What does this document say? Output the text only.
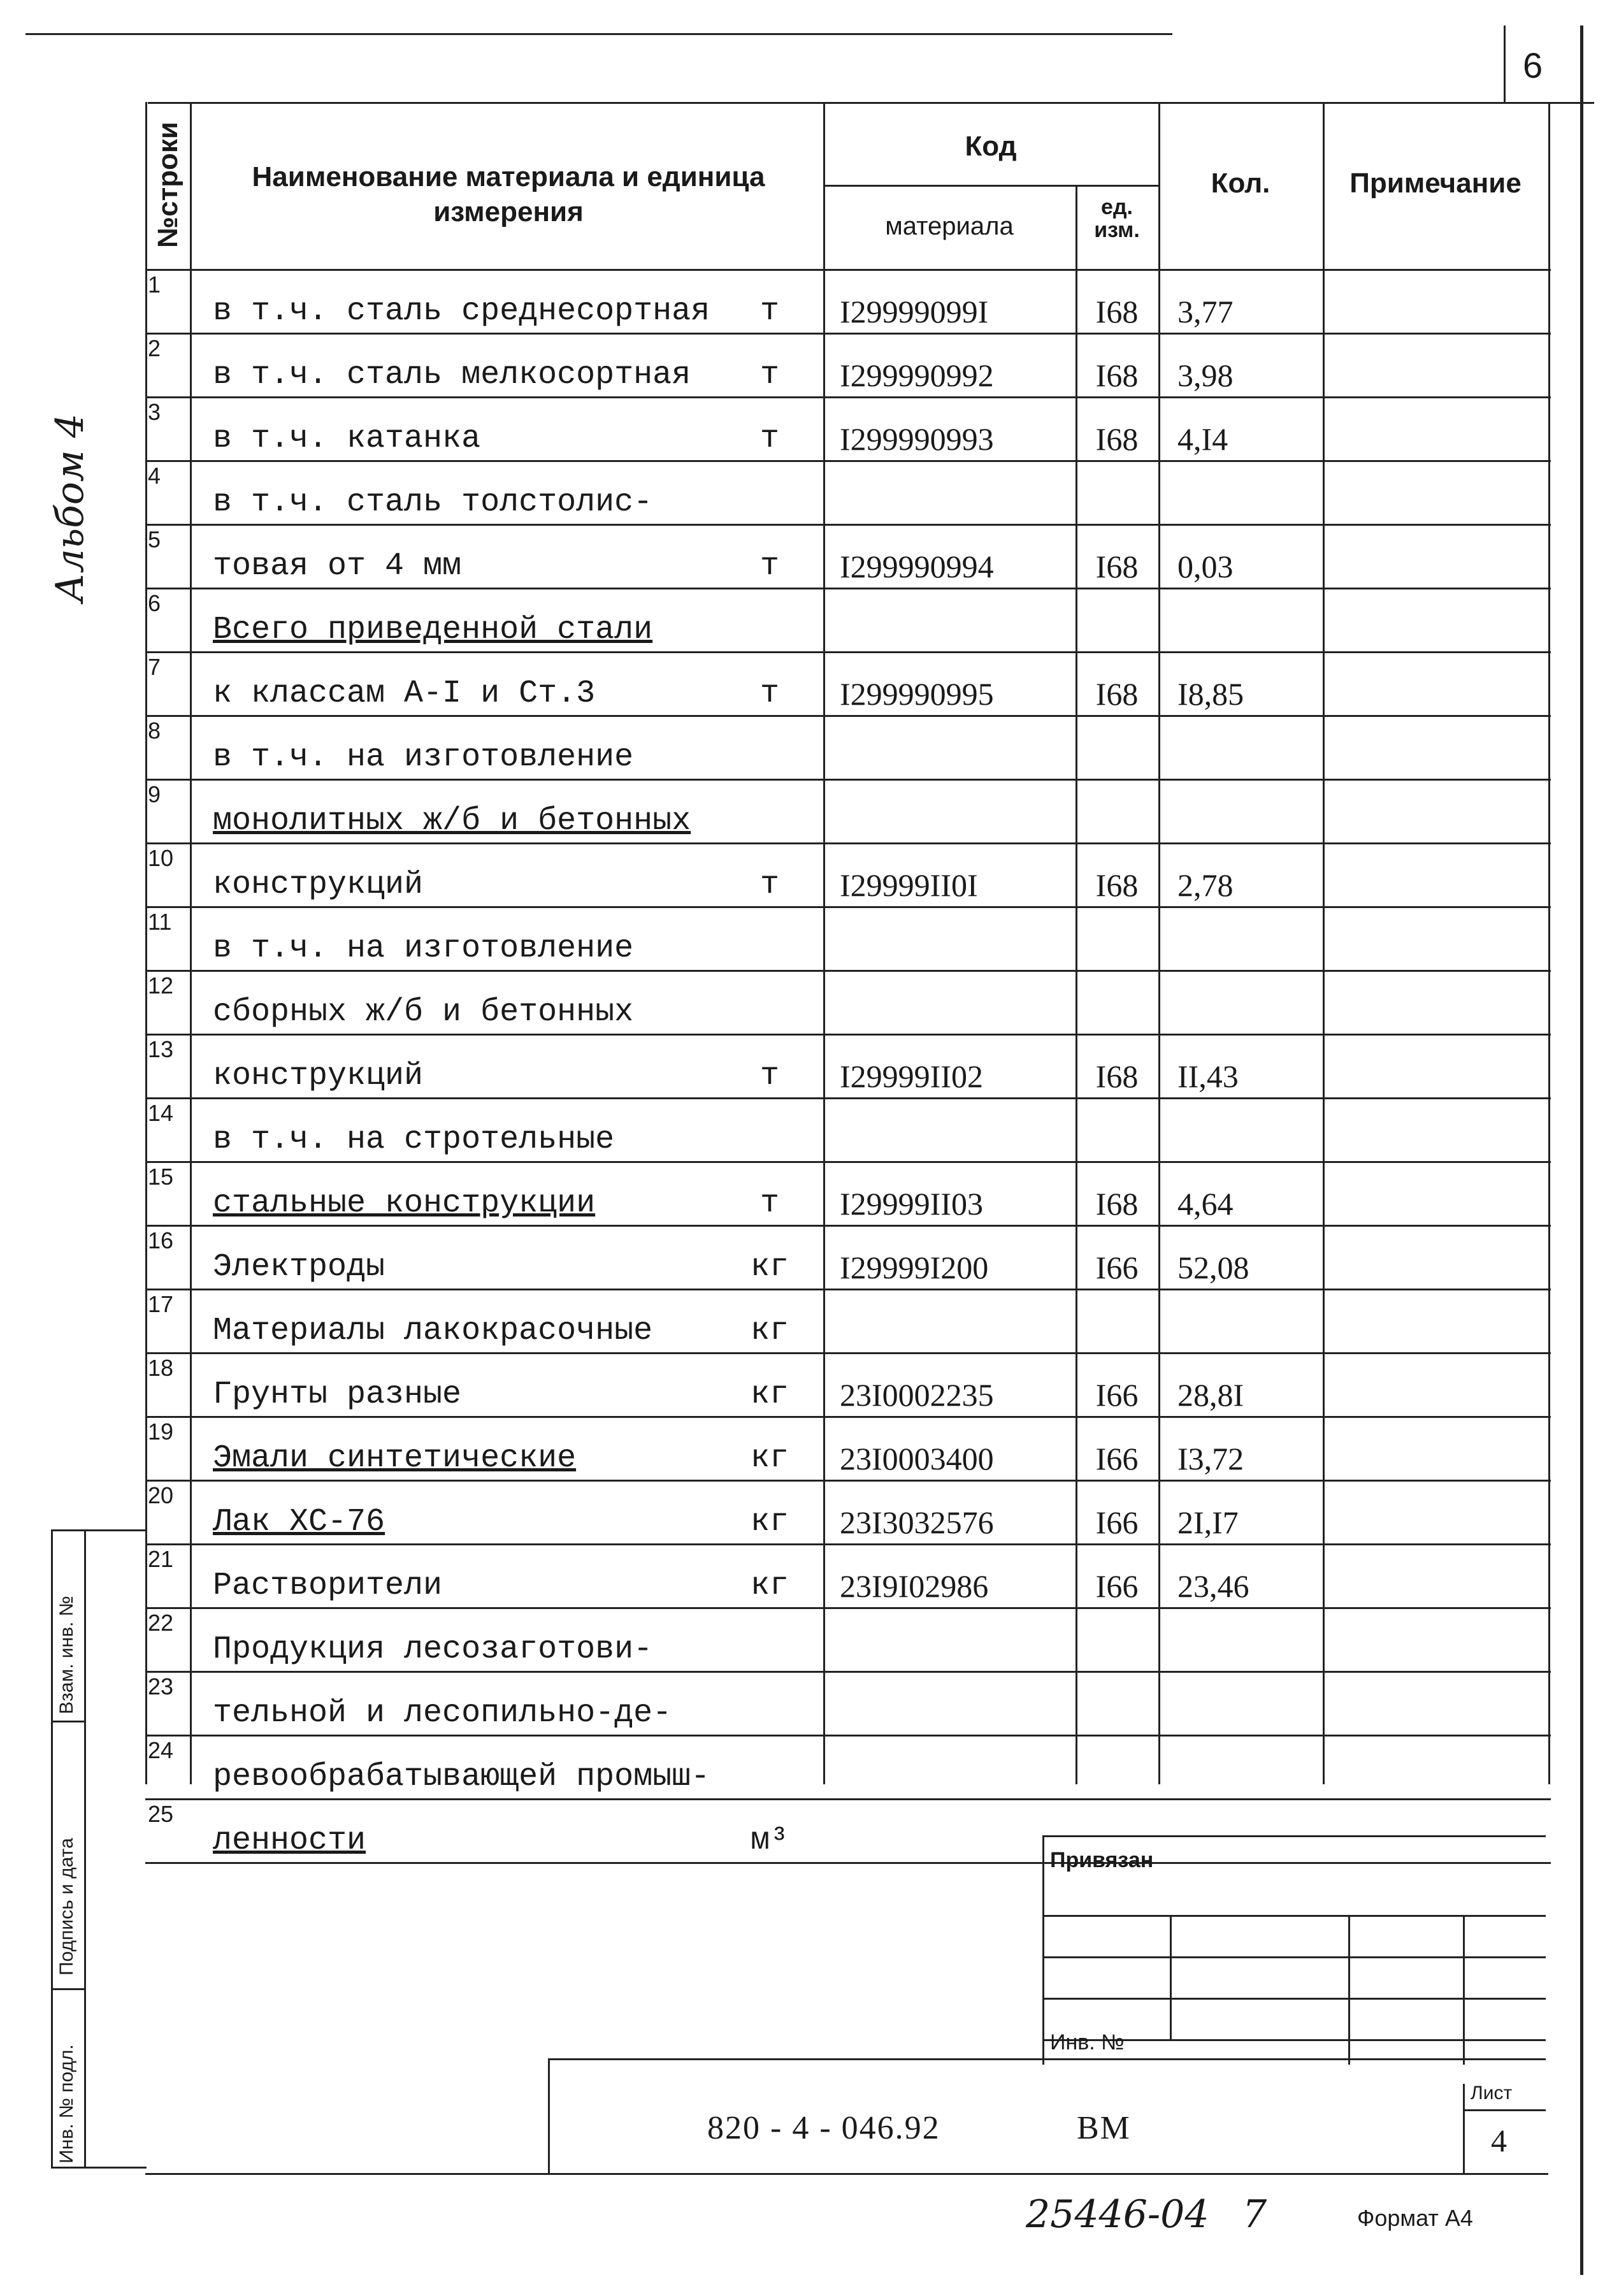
6
Альбом 4
№строки	Наименование материала и единица измерения
Код
материала
ед. изм.
Кол.	Примечание
1
в т.ч. сталь среднесортная	т	I29999099I	I68	3,77
2
в т.ч. сталь мелкосортная	т	I299990992	I68	3,98
3
в т.ч. катанка	т	I299990993	I68	4,I4
4
в т.ч. сталь толстолис-
5
товая от 4 мм	т	I299990994	I68	0,03
6
Всего приведенной стали
7
к классам А-I и Ст.3	т	I299990995	I68	I8,85
8
в т.ч. на изготовление
9
монолитных ж/б и бетонных
10
конструкций	т	I29999II0I	I68	2,78
11
в т.ч. на изготовление
12
сборных ж/б и бетонных
13
конструкций	т	I29999II02	I68	II,43
14
в т.ч. на стротельные
15
стальные конструкции	т	I29999II03	I68	4,64
16
Электроды	кг I29999I200	I66	52,08
17
Материалы лакокрасочные	кг
18
Грунты разные	кг 23I0002235	I66	28,8I
19
Эмали синтетические	кг 23I0003400	I66	I3,72
20
Лак ХС-76	кг 23I3032576	I66	2I,I7
21
Растворители	кг 23I9I02986	I66	23,46
22
Продукция лесозаготови-
23
тельной и лесопильно-де-
24
ревообрабатывающей промыш-
25
ленности	м³
Взам. инв. №
Подпись и дата
Инв. № подл.
Привязан
Инв. №
Лист
4
820 - 4 - 046.92	ВМ
25446-04 7	Формат А4
